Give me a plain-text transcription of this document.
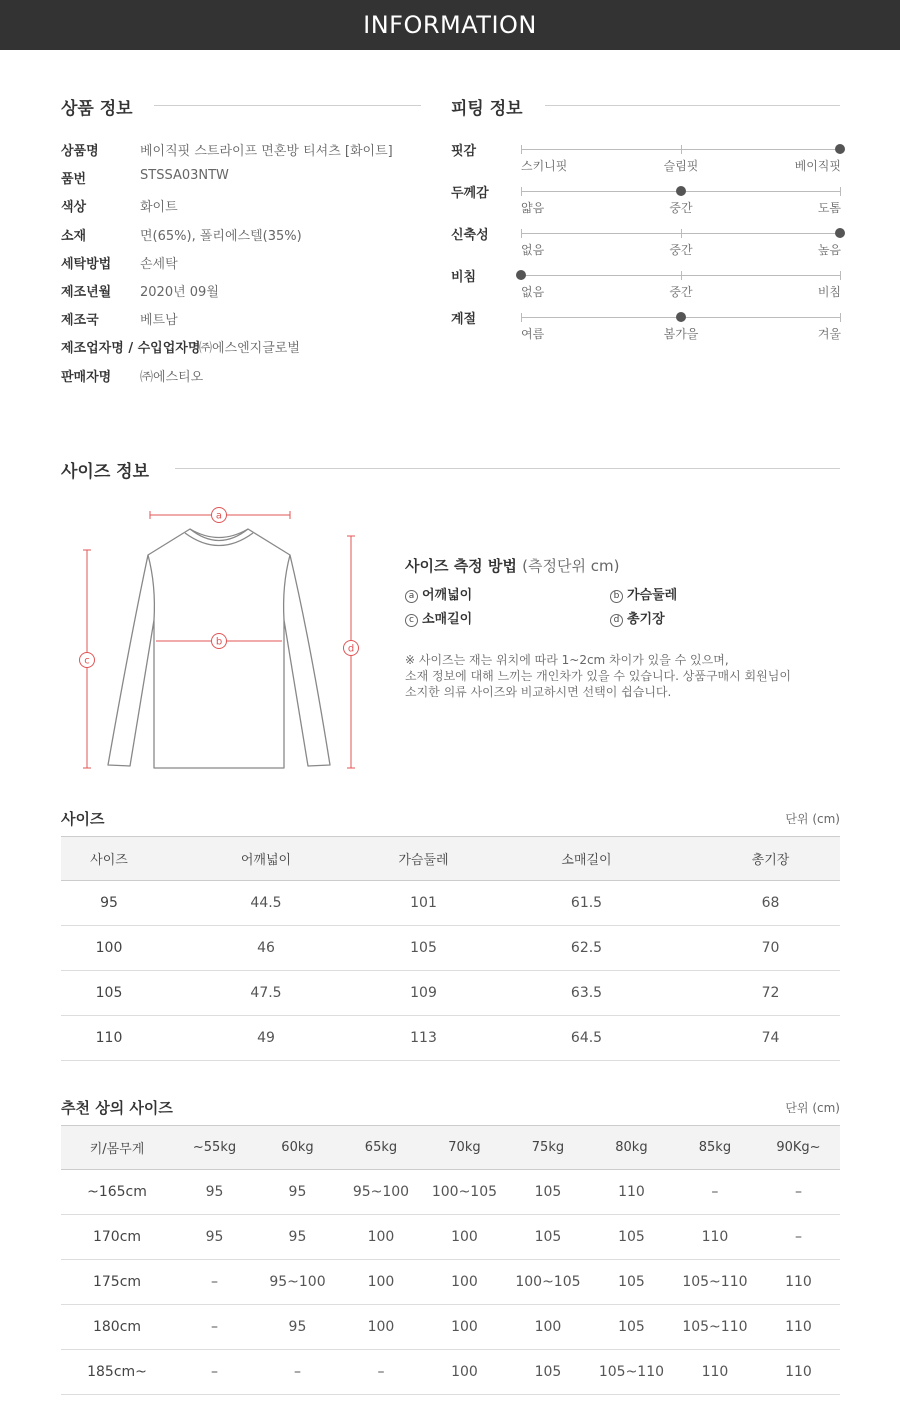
INFORMATION
상품 정보
상품명	베이직핏 스트라이프 면혼방 티셔츠 [화이트]
품번	STSSA03NTW
색상	화이트
소재	면(65%), 폴리에스텔(35%)
세탁방법 손세탁
제조년월 2020년 09월
제조국	베트남
제조업자명 / 수입업자명
㈜에스엔지글로벌
판매자명 ㈜에스티오
피팅 정보
핏감
스키니핏	슬림핏	베이직핏
두께감
얇음	중간	도톰
신축성
없음	중간	높음
비침
없음	중간	비침
계절
여름	봄가을	겨울
사이즈 정보
a
b
c
d
사이즈 측정 방법 (측정단위 cm)
a 어깨넓이	b 가슴둘레
c 소매길이	d 총기장
※ 사이즈는 재는 위치에 따라 1~2cm 차이가 있을 수 있으며,
소재 정보에 대해 느끼는 개인차가 있을 수 있습니다. 상품구매시 회원님이
소지한 의류 사이즈와 비교하시면 선택이 쉽습니다.
사이즈	단위 (cm)
사이즈	어깨넓이	가슴둘레	소매길이	총기장
95	44.5	101	61.5	68
100	46	105	62.5	70
105	47.5	109	63.5	72
110	49	113	64.5	74
추천 상의 사이즈	단위 (cm)
키/몸무게	~55kg	60kg	65kg	70kg	75kg	80kg	85kg	90Kg~
~165cm	95	95	95~100	100~105	105	110	–	–
170cm	95	95	100	100	105	105	110	–
175cm	–	95~100	100	100	100~105	105	105~110	110
180cm	–	95	100	100	100	105	105~110	110
185cm~	–	–	–	100	105	105~110	110	110
